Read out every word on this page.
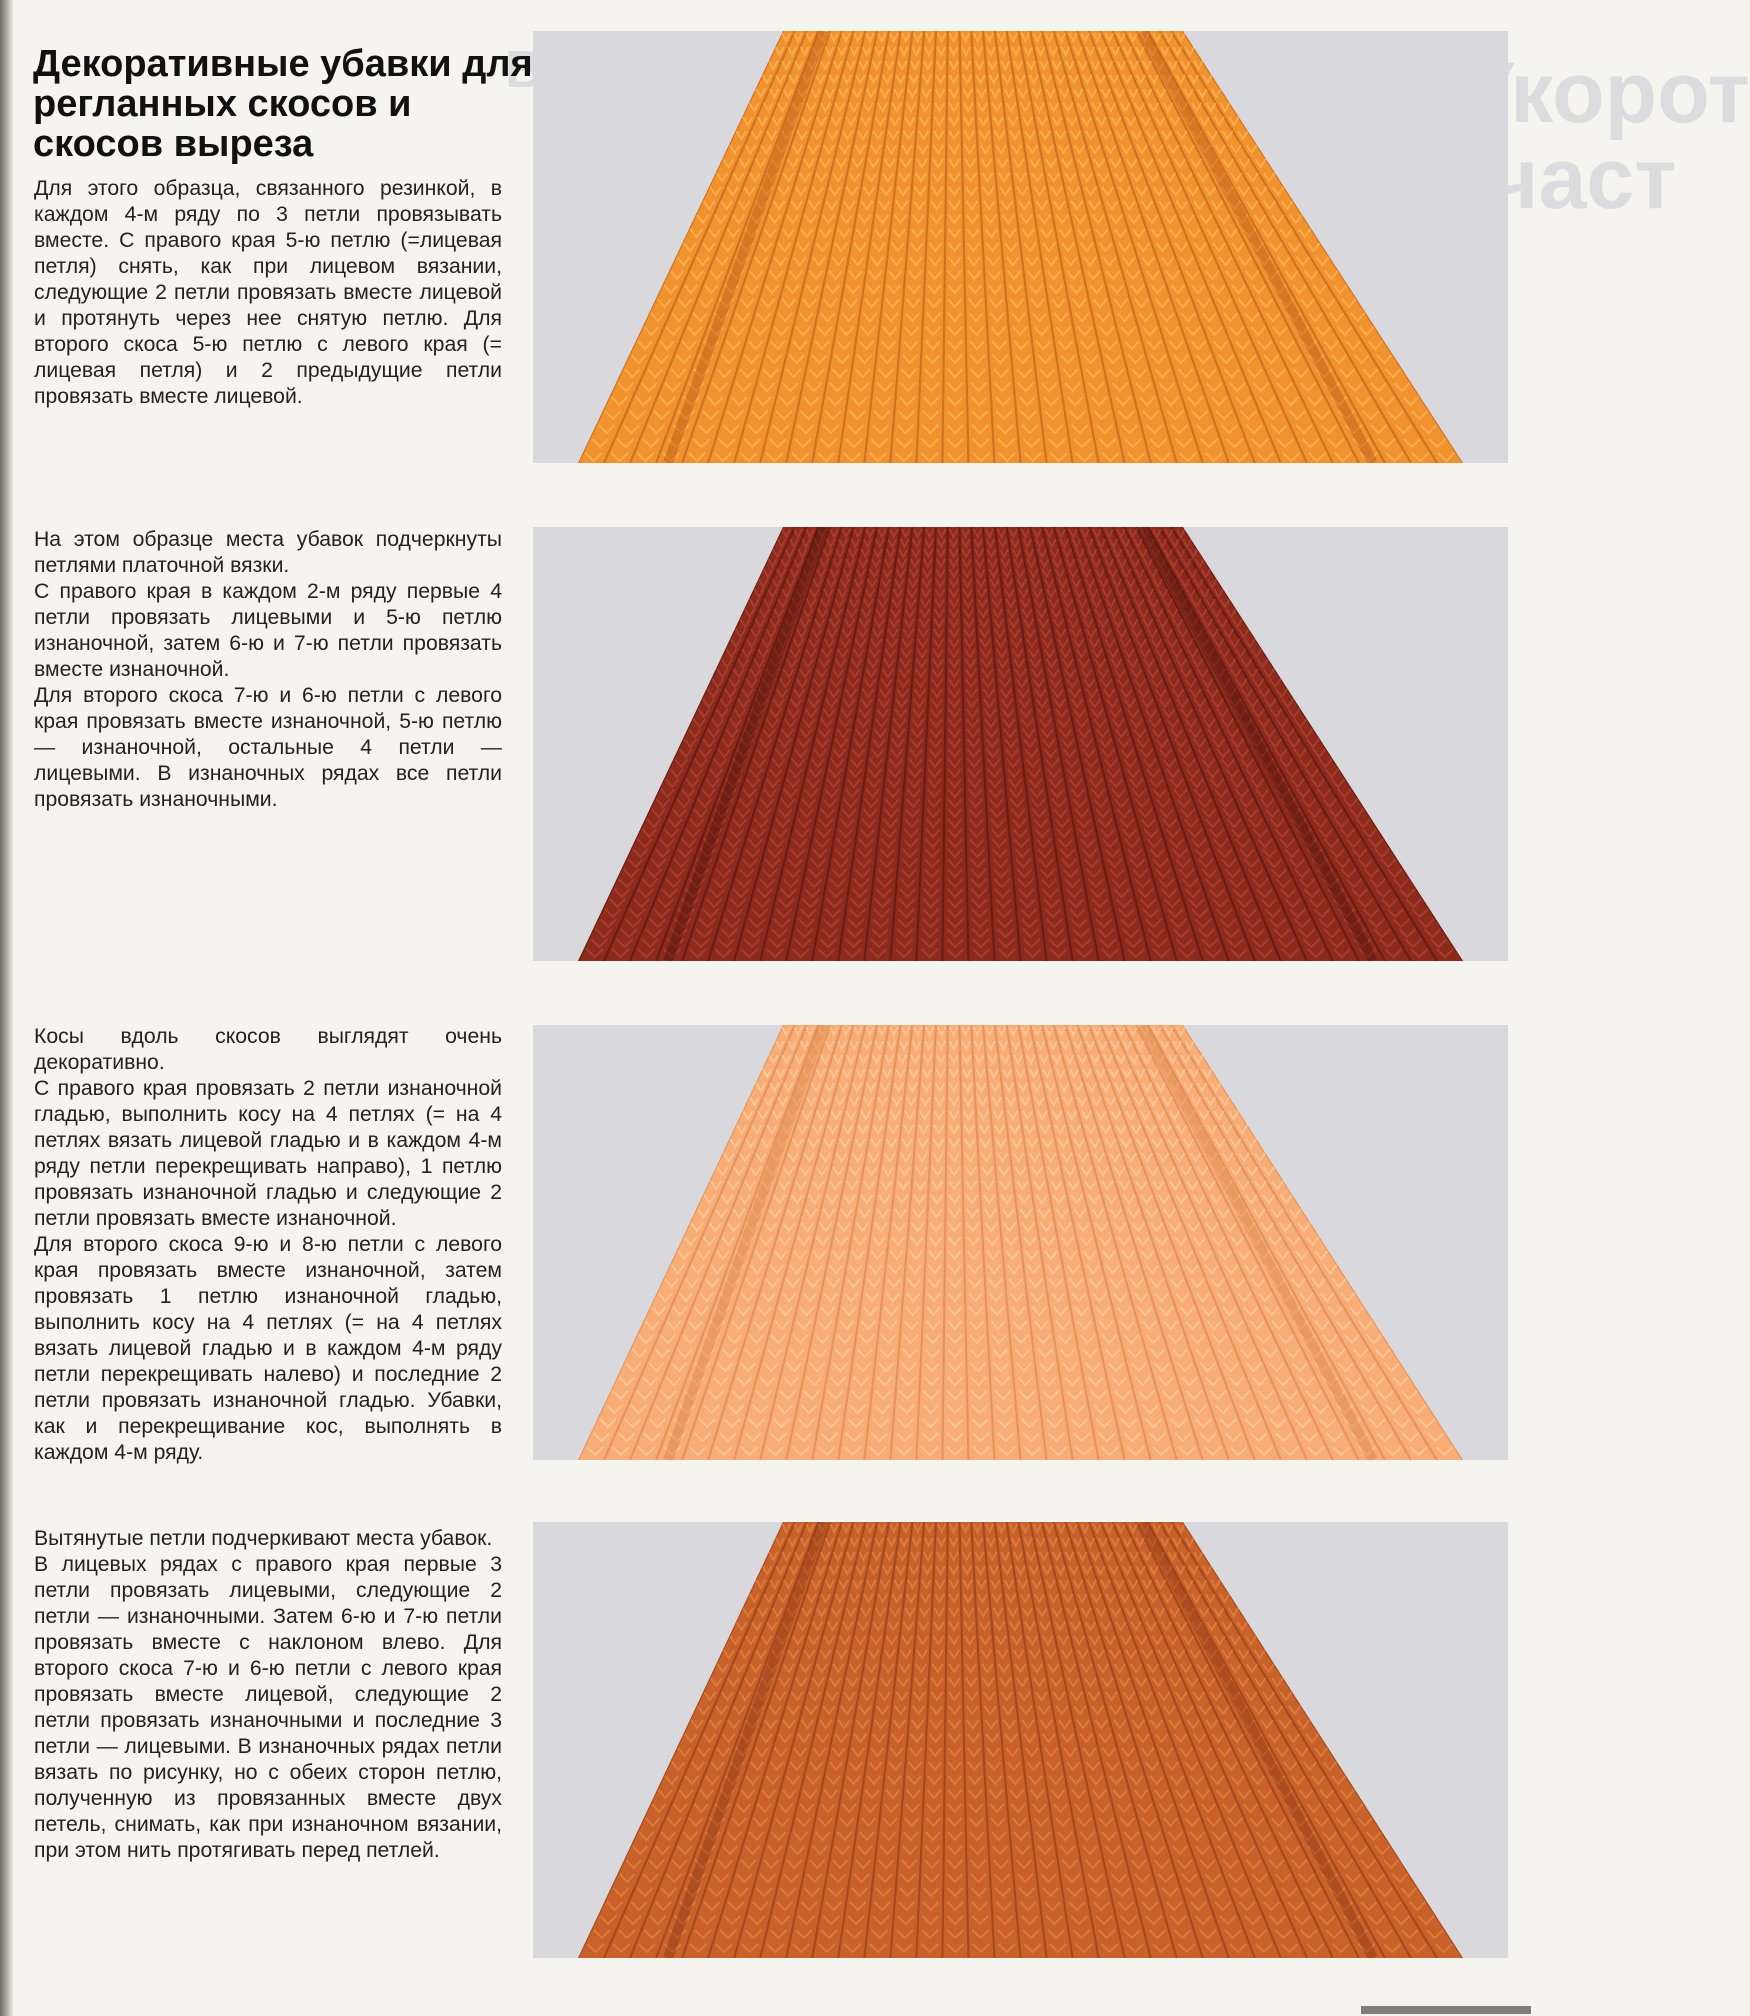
Укорот
(част
Декоративные убавки для регланных скосов и скосов выреза

Для этого образца, связанного резинкой, в каждом 4-м ряду по 3 петли провязывать вместе. С правого края 5-ю петлю (=лицевая петля) снять, как при лицевом вязании, следующие 2 петли провязать вместе лицевой и протянуть через нее снятую петлю. Для второго скоса 5-ю петлю с левого края (= лицевая петля) и 2 предыдущие петли провязать вместе лицевой.

На этом образце места убавок подчеркнуты петлями платочной вязки.

С правого края в каждом 2-м ряду первые 4 петли провязать лицевыми и 5-ю петлю изнаночной, затем 6-ю и 7-ю петли провязать вместе изнаночной.

Для второго скоса 7-ю и 6-ю петли с левого края провязать вместе изнаночной, 5-ю петлю — изнаночной, остальные 4 петли — лицевыми. В изнаночных рядах все петли провязать изнаночными.

Косы вдоль скосов выглядят очень декоративно.

С правого края провязать 2 петли изнаночной гладью, выполнить косу на 4 петлях (= на 4 петлях вязать лицевой гладью и в каждом 4-м ряду петли перекрещивать направо), 1 петлю провязать изнаночной гладью и следующие 2 петли провязать вместе изнаночной.

Для второго скоса 9-ю и 8-ю петли с левого края провязать вместе изнаночной, затем провязать 1 петлю изнаночной гладью, выполнить косу на 4 петлях (= на 4 петлях вязать лицевой гладью и в каждом 4-м ряду петли перекрещивать налево) и последние 2 петли провязать изнаночной гладью. Убавки, как и перекрещивание кос, выполнять в каждом 4-м ряду.

Вытянутые петли подчеркивают места убавок.

В лицевых рядах с правого края первые 3 петли провязать лицевыми, следующие 2 петли — изнаночными. Затем 6-ю и 7-ю петли провязать вместе с наклоном влево. Для второго скоса 7-ю и 6-ю петли с левого края провязать вместе лицевой, следующие 2 петли провязать изнаночными и последние 3 петли — лицевыми. В изнаночных рядах петли вязать по рисунку, но с обеих сторон петлю, полученную из провязанных вместе двух петель, снимать, как при изнаночном вязании, при этом нить протягивать перед петлей.
